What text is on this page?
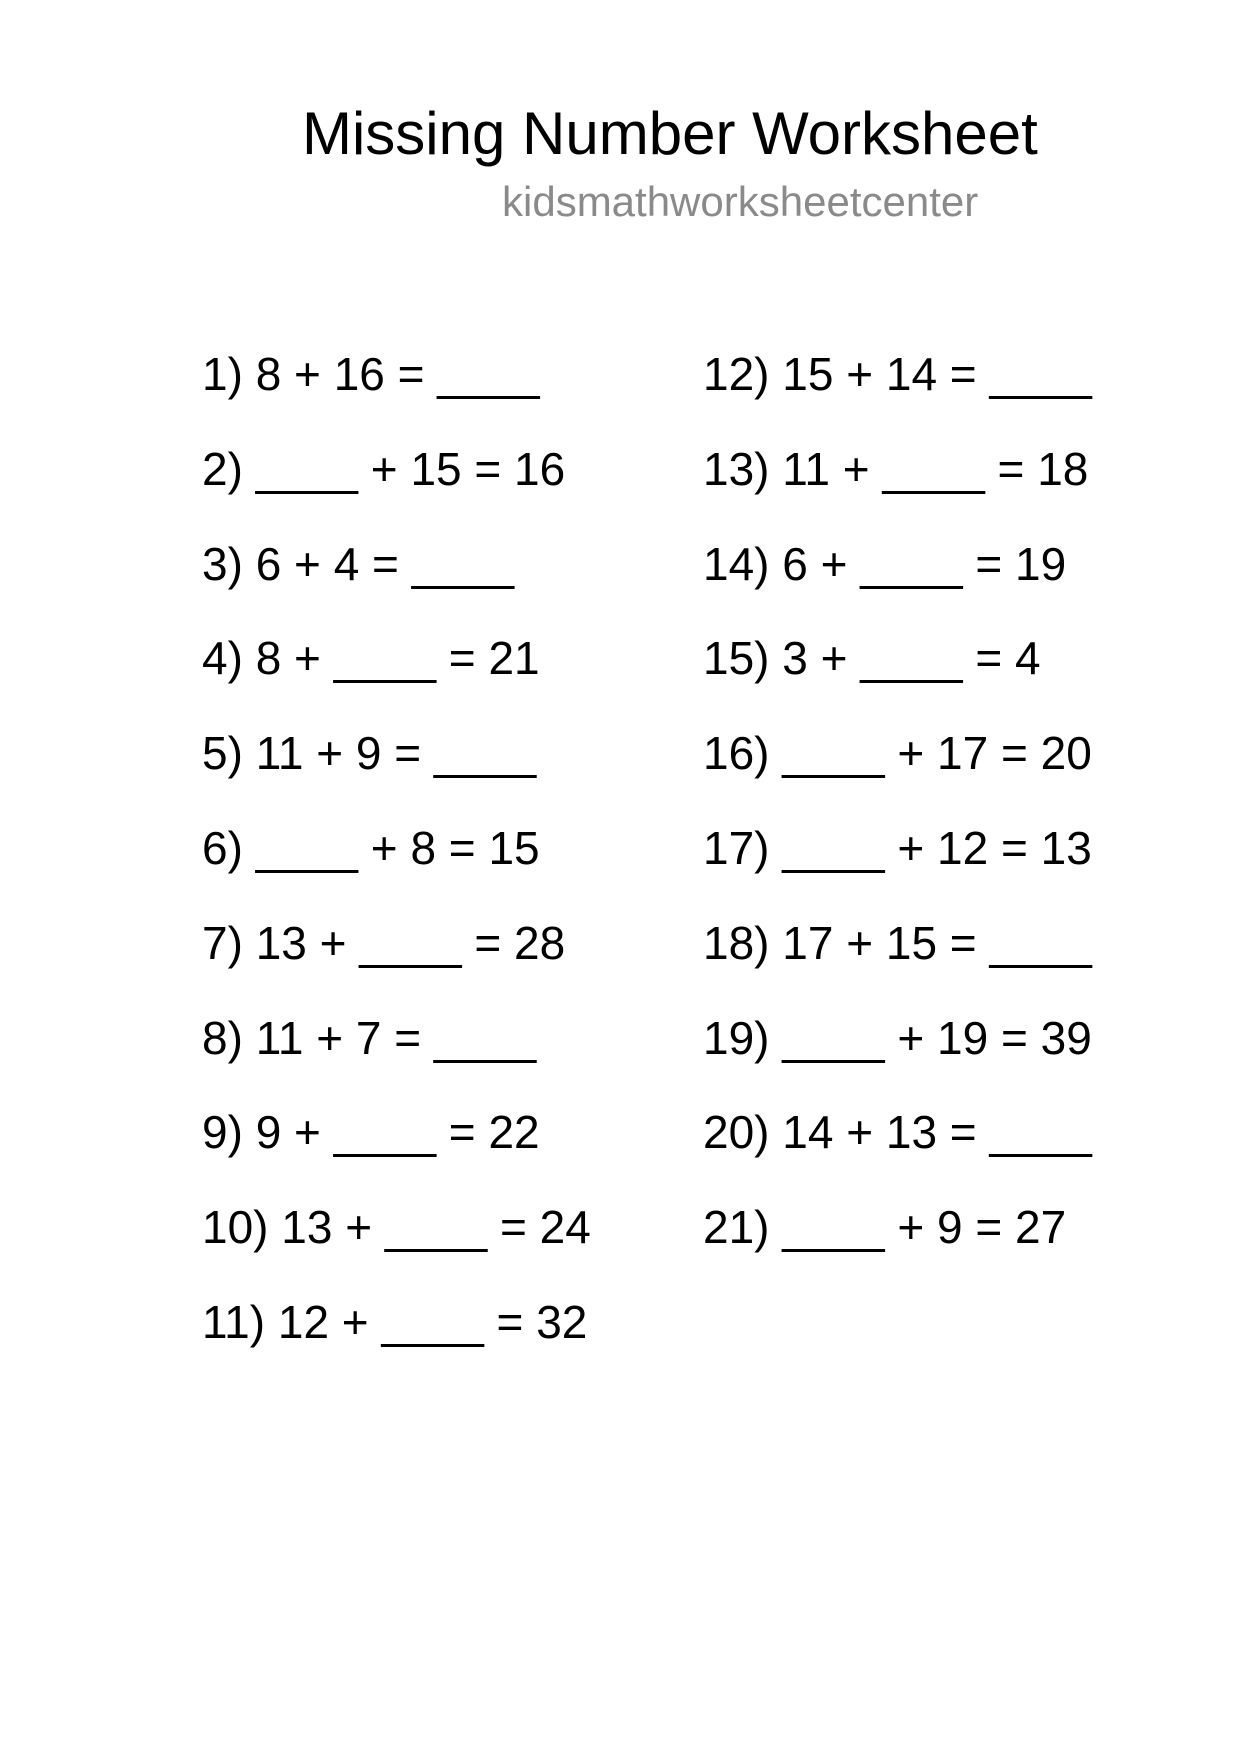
Missing Number Worksheet
kidsmathworksheetcenter
1) 8 + 16 = ____
2) ____ + 15 = 16
3) 6 + 4 = ____
4) 8 + ____ = 21
5) 11 + 9 = ____
6) ____ + 8 = 15
7) 13 + ____ = 28
8) 11 + 7 = ____
9) 9 + ____ = 22
10) 13 + ____ = 24
11) 12 + ____ = 32
12) 15 + 14 = ____
13) 11 + ____ = 18
14) 6 + ____ = 19
15) 3 + ____ = 4
16) ____ + 17 = 20
17) ____ + 12 = 13
18) 17 + 15 = ____
19) ____ + 19 = 39
20) 14 + 13 = ____
21) ____ + 9 = 27
